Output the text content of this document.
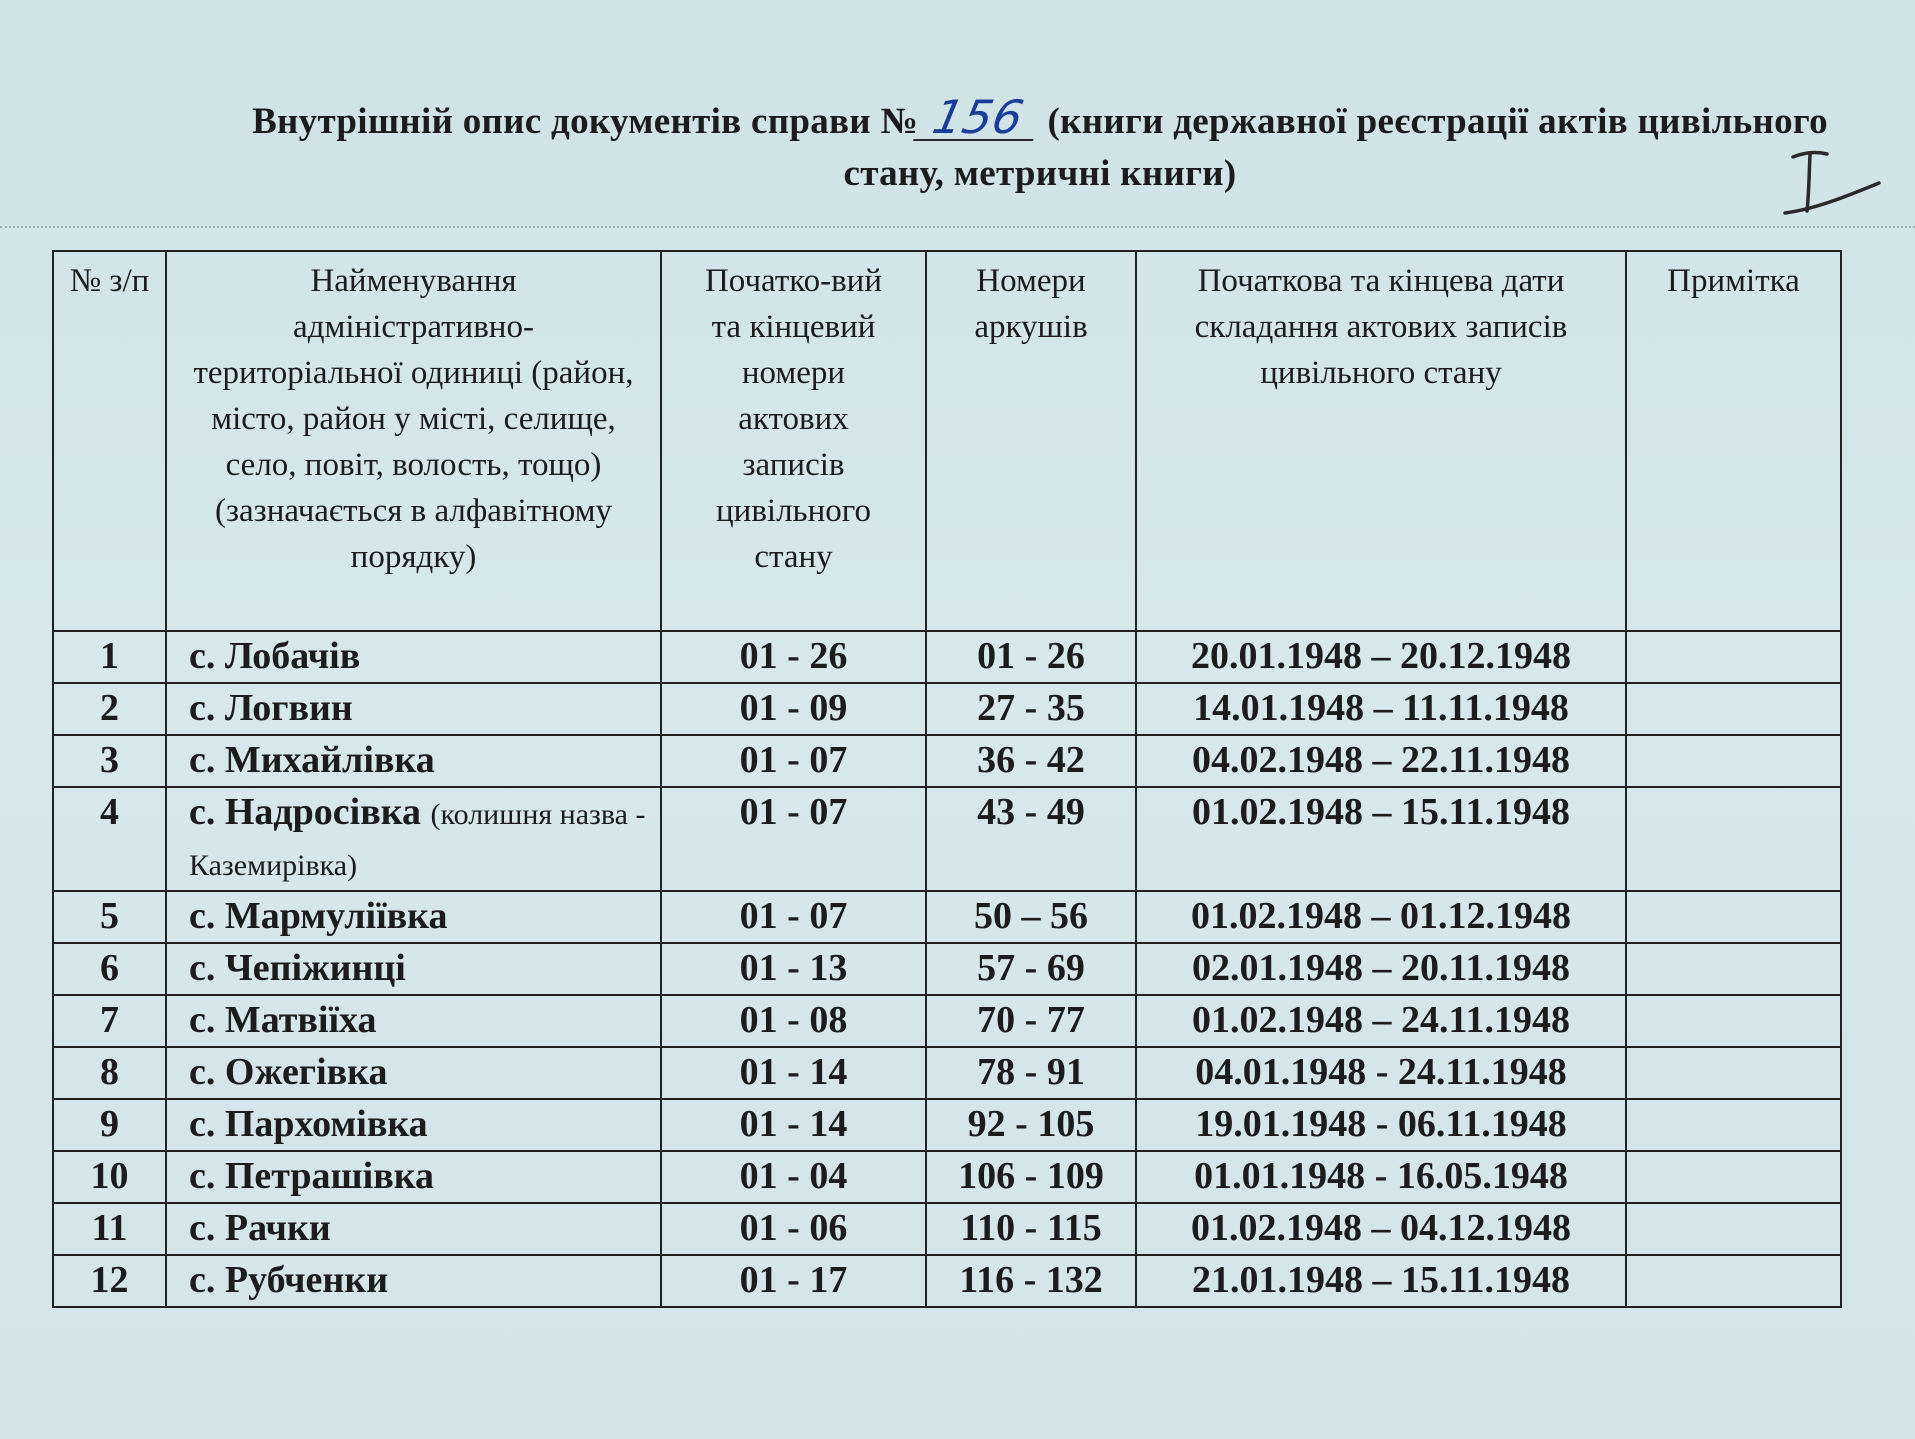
Внутрішній опис документів справи № 156 (книги державної реєстрації актів цивільного стану, метричні книги)
№ з/п	Найменування адміністративно-територіальної одиниці (район, місто, район у місті, селище, село, повіт, волость, тощо) (зазначається в алфавітному порядку)	Початко-вий та кінцевий номери актових записів цивільного стану	Номери аркушів	Початкова та кінцева дати складання актових записів цивільного стану	Примітка
1	с. Лобачів	01 - 26	01 - 26	20.01.1948 – 20.12.1948	
2	с. Логвин	01 - 09	27 - 35	14.01.1948 – 11.11.1948	
3	с. Михайлівка	01 - 07	36 - 42	04.02.1948 – 22.11.1948	
4	с. Надросівка (колишня назва - Каземирівка)	01 - 07	43 - 49	01.02.1948 – 15.11.1948	
5	с. Мармуліївка	01 - 07	50 – 56	01.02.1948 – 01.12.1948	
6	с. Чепіжинці	01 - 13	57 - 69	02.01.1948 – 20.11.1948	
7	с. Матвіїха	01 - 08	70 - 77	01.02.1948 – 24.11.1948	
8	с. Ожегівка	01 - 14	78 - 91	04.01.1948 - 24.11.1948	
9	с. Пархомівка	01 - 14	92 - 105	19.01.1948 - 06.11.1948	
10	с. Петрашівка	01 - 04	106 - 109	01.01.1948 - 16.05.1948	
11	с. Рачки	01 - 06	110 - 115	01.02.1948 – 04.12.1948	
12	с. Рубченки	01 - 17	116 - 132	21.01.1948 – 15.11.1948	
